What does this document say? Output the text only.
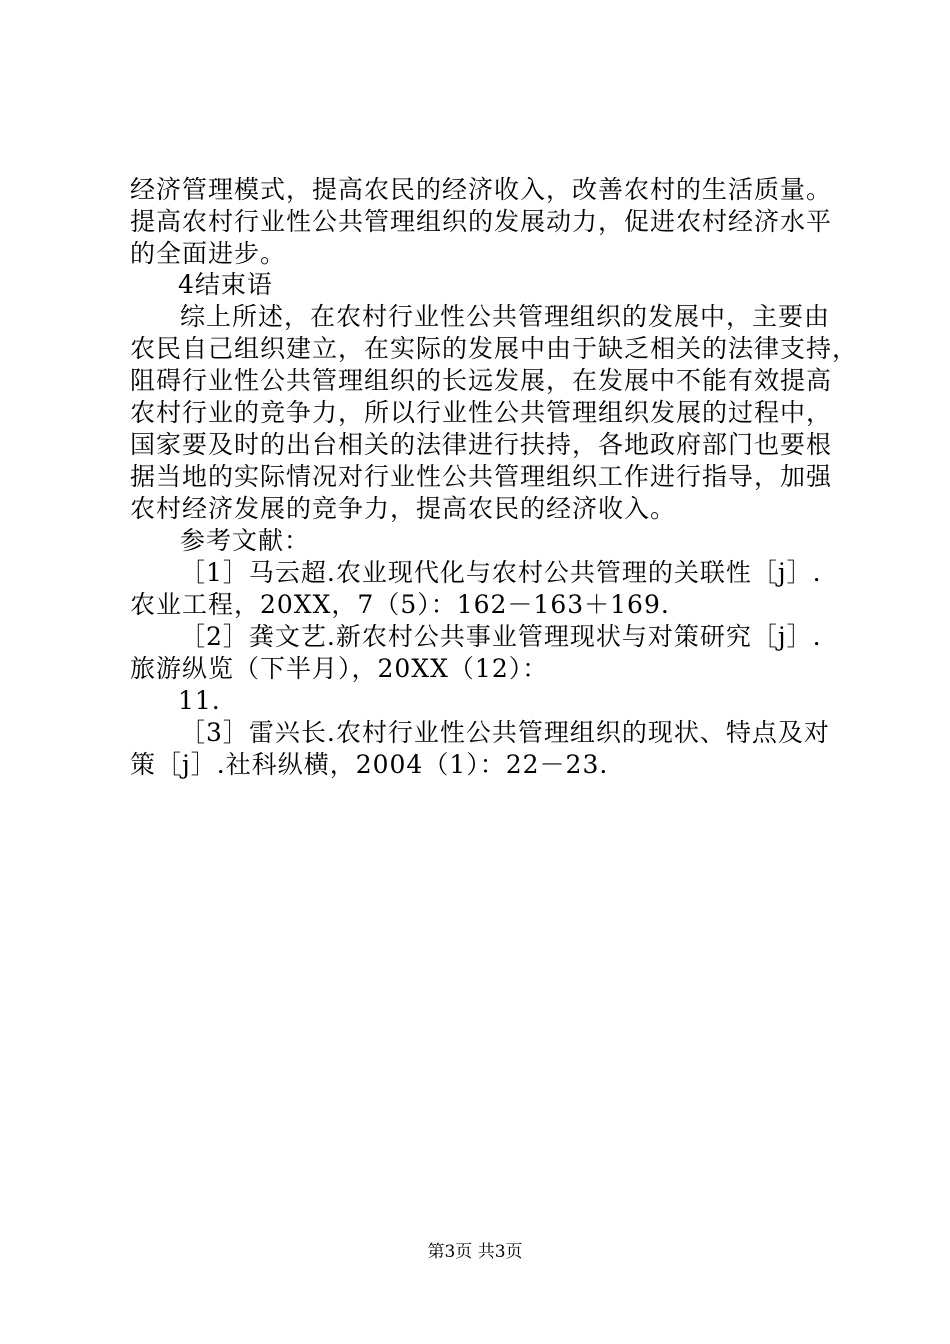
经济管理模式，提高农民的经济收入，改善农村的生活质量。
提高农村行业性公共管理组织的发展动力，促进农村经济水平
的全面进步。
4结束语
综上所述，在农村行业性公共管理组织的发展中，主要由
农民自己组织建立，在实际的发展中由于缺乏相关的法律支持，
阻碍行业性公共管理组织的长远发展，在发展中不能有效提高
农村行业的竞争力，所以行业性公共管理组织发展的过程中，
国家要及时的出台相关的法律进行扶持，各地政府部门也要根
据当地的实际情况对行业性公共管理组织工作进行指导，加强
农村经济发展的竞争力，提高农民的经济收入。
参考文献：
［1］马云超.农业现代化与农村公共管理的关联性［j］.
农业工程，20XX，7（5）：162－163＋169.
［2］龚文艺.新农村公共事业管理现状与对策研究［j］.
旅游纵览（下半月），20XX（12）：
11.
［3］雷兴长.农村行业性公共管理组织的现状、特点及对
策［j］.社科纵横，2004（1）：22－23.
第3页 共3页
